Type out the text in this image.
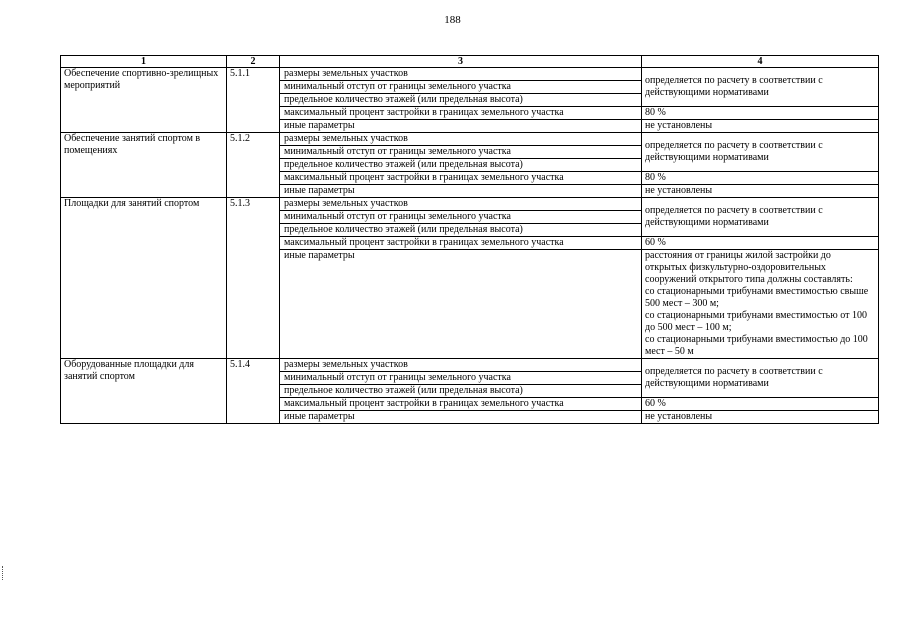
188
1	2	3	4
Обеспечение спортивно-зрелищных мероприятий	5.1.1	размеры земельных участков	определяется по расчету в соответствии с действующими нормативами
		минимальный отступ от границы земельного участка	
		предельное количество этажей (или предельная высота)	
		максимальный процент застройки в границах земельного участка	80 %
		иные параметры	не установлены
Обеспечение занятий спортом в помещениях	5.1.2	размеры земельных участков	определяется по расчету в соответствии с действующими нормативами
		минимальный отступ от границы земельного участка	
		предельное количество этажей (или предельная высота)	
		максимальный процент застройки в границах земельного участка	80 %
		иные параметры	не установлены
Площадки для занятий спортом	5.1.3	размеры земельных участков	определяется по расчету в соответствии с действующими нормативами
		минимальный отступ от границы земельного участка	
		предельное количество этажей (или предельная высота)	
		максимальный процент застройки в границах земельного участка	60 %
		иные параметры	расстояния от границы жилой застройки до открытых физкультурно-оздоровительных сооружений открытого типа должны составлять:
со стационарными трибунами вместимостью свыше 500 мест – 300 м;
со стационарными трибунами вместимостью от 100 до 500 мест – 100 м;
со стационарными трибунами вместимостью до 100 мест – 50 м

Оборудованные площадки для занятий спортом	5.1.4	размеры земельных участков	определяется по расчету в соответствии с действующими нормативами
		минимальный отступ от границы земельного участка	
		предельное количество этажей (или предельная высота)	
		максимальный процент застройки в границах земельного участка	60 %
		иные параметры	не установлены
